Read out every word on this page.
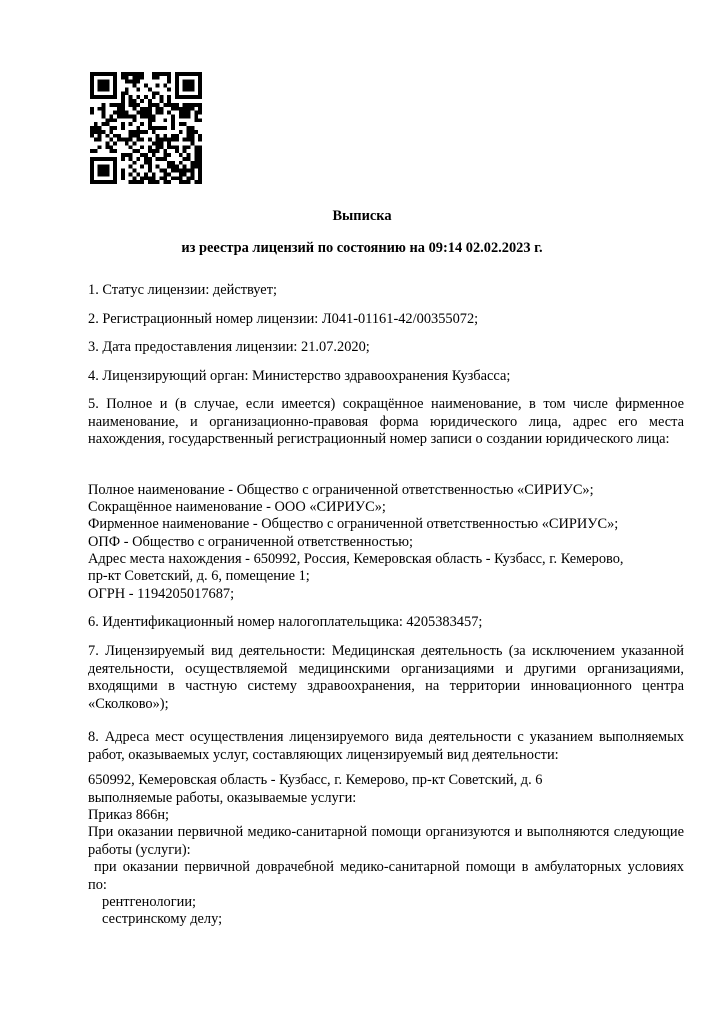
Выписка

из реестра лицензий по состоянию на 09:14 02.02.2023 г.

1. Статус лицензии: действует;

2. Регистрационный номер лицензии: Л041-01161-42/00355072;

3. Дата предоставления лицензии: 21.07.2020;

4. Лицензирующий орган: Министерство здравоохранения Кузбасса;

5. Полное и (в случае, если имеется) сокращённое наименование, в том числе фирменное наименование, и организационно-правовая форма юридического лица, адрес его места нахождения, государственный регистрационный номер записи о создании юридического лица:

Полное наименование - Общество с ограниченной ответственностью «СИРИУС»;

Сокращённое наименование - ООО «СИРИУС»;

Фирменное наименование - Общество с ограниченной ответственностью «СИРИУС»;

ОПФ - Общество с ограниченной ответственностью;

Адрес места нахождения - 650992, Россия, Кемеровская область - Кузбасс, г. Кемерово,

пр-кт Советский, д. 6, помещение 1;

ОГРН - 1194205017687;

6. Идентификационный номер налогоплательщика: 4205383457;

7. Лицензируемый вид деятельности: Медицинская деятельность (за исключением указанной деятельности, осуществляемой медицинскими организациями и другими организациями, входящими в частную систему здравоохранения, на территории инновационного центра «Сколково»);

8. Адреса мест осуществления лицензируемого вида деятельности с указанием выполняемых работ, оказываемых услуг, составляющих лицензируемый вид деятельности:

650992, Кемеровская область - Кузбасс, г. Кемерово, пр-кт Советский, д. 6

выполняемые работы, оказываемые услуги:

Приказ 866н;

При оказании первичной медико-санитарной помощи организуются и выполняются следующие работы (услуги):

при оказании первичной доврачебной медико-санитарной помощи в амбулаторных условиях по:

рентгенологии;

сестринскому делу;
